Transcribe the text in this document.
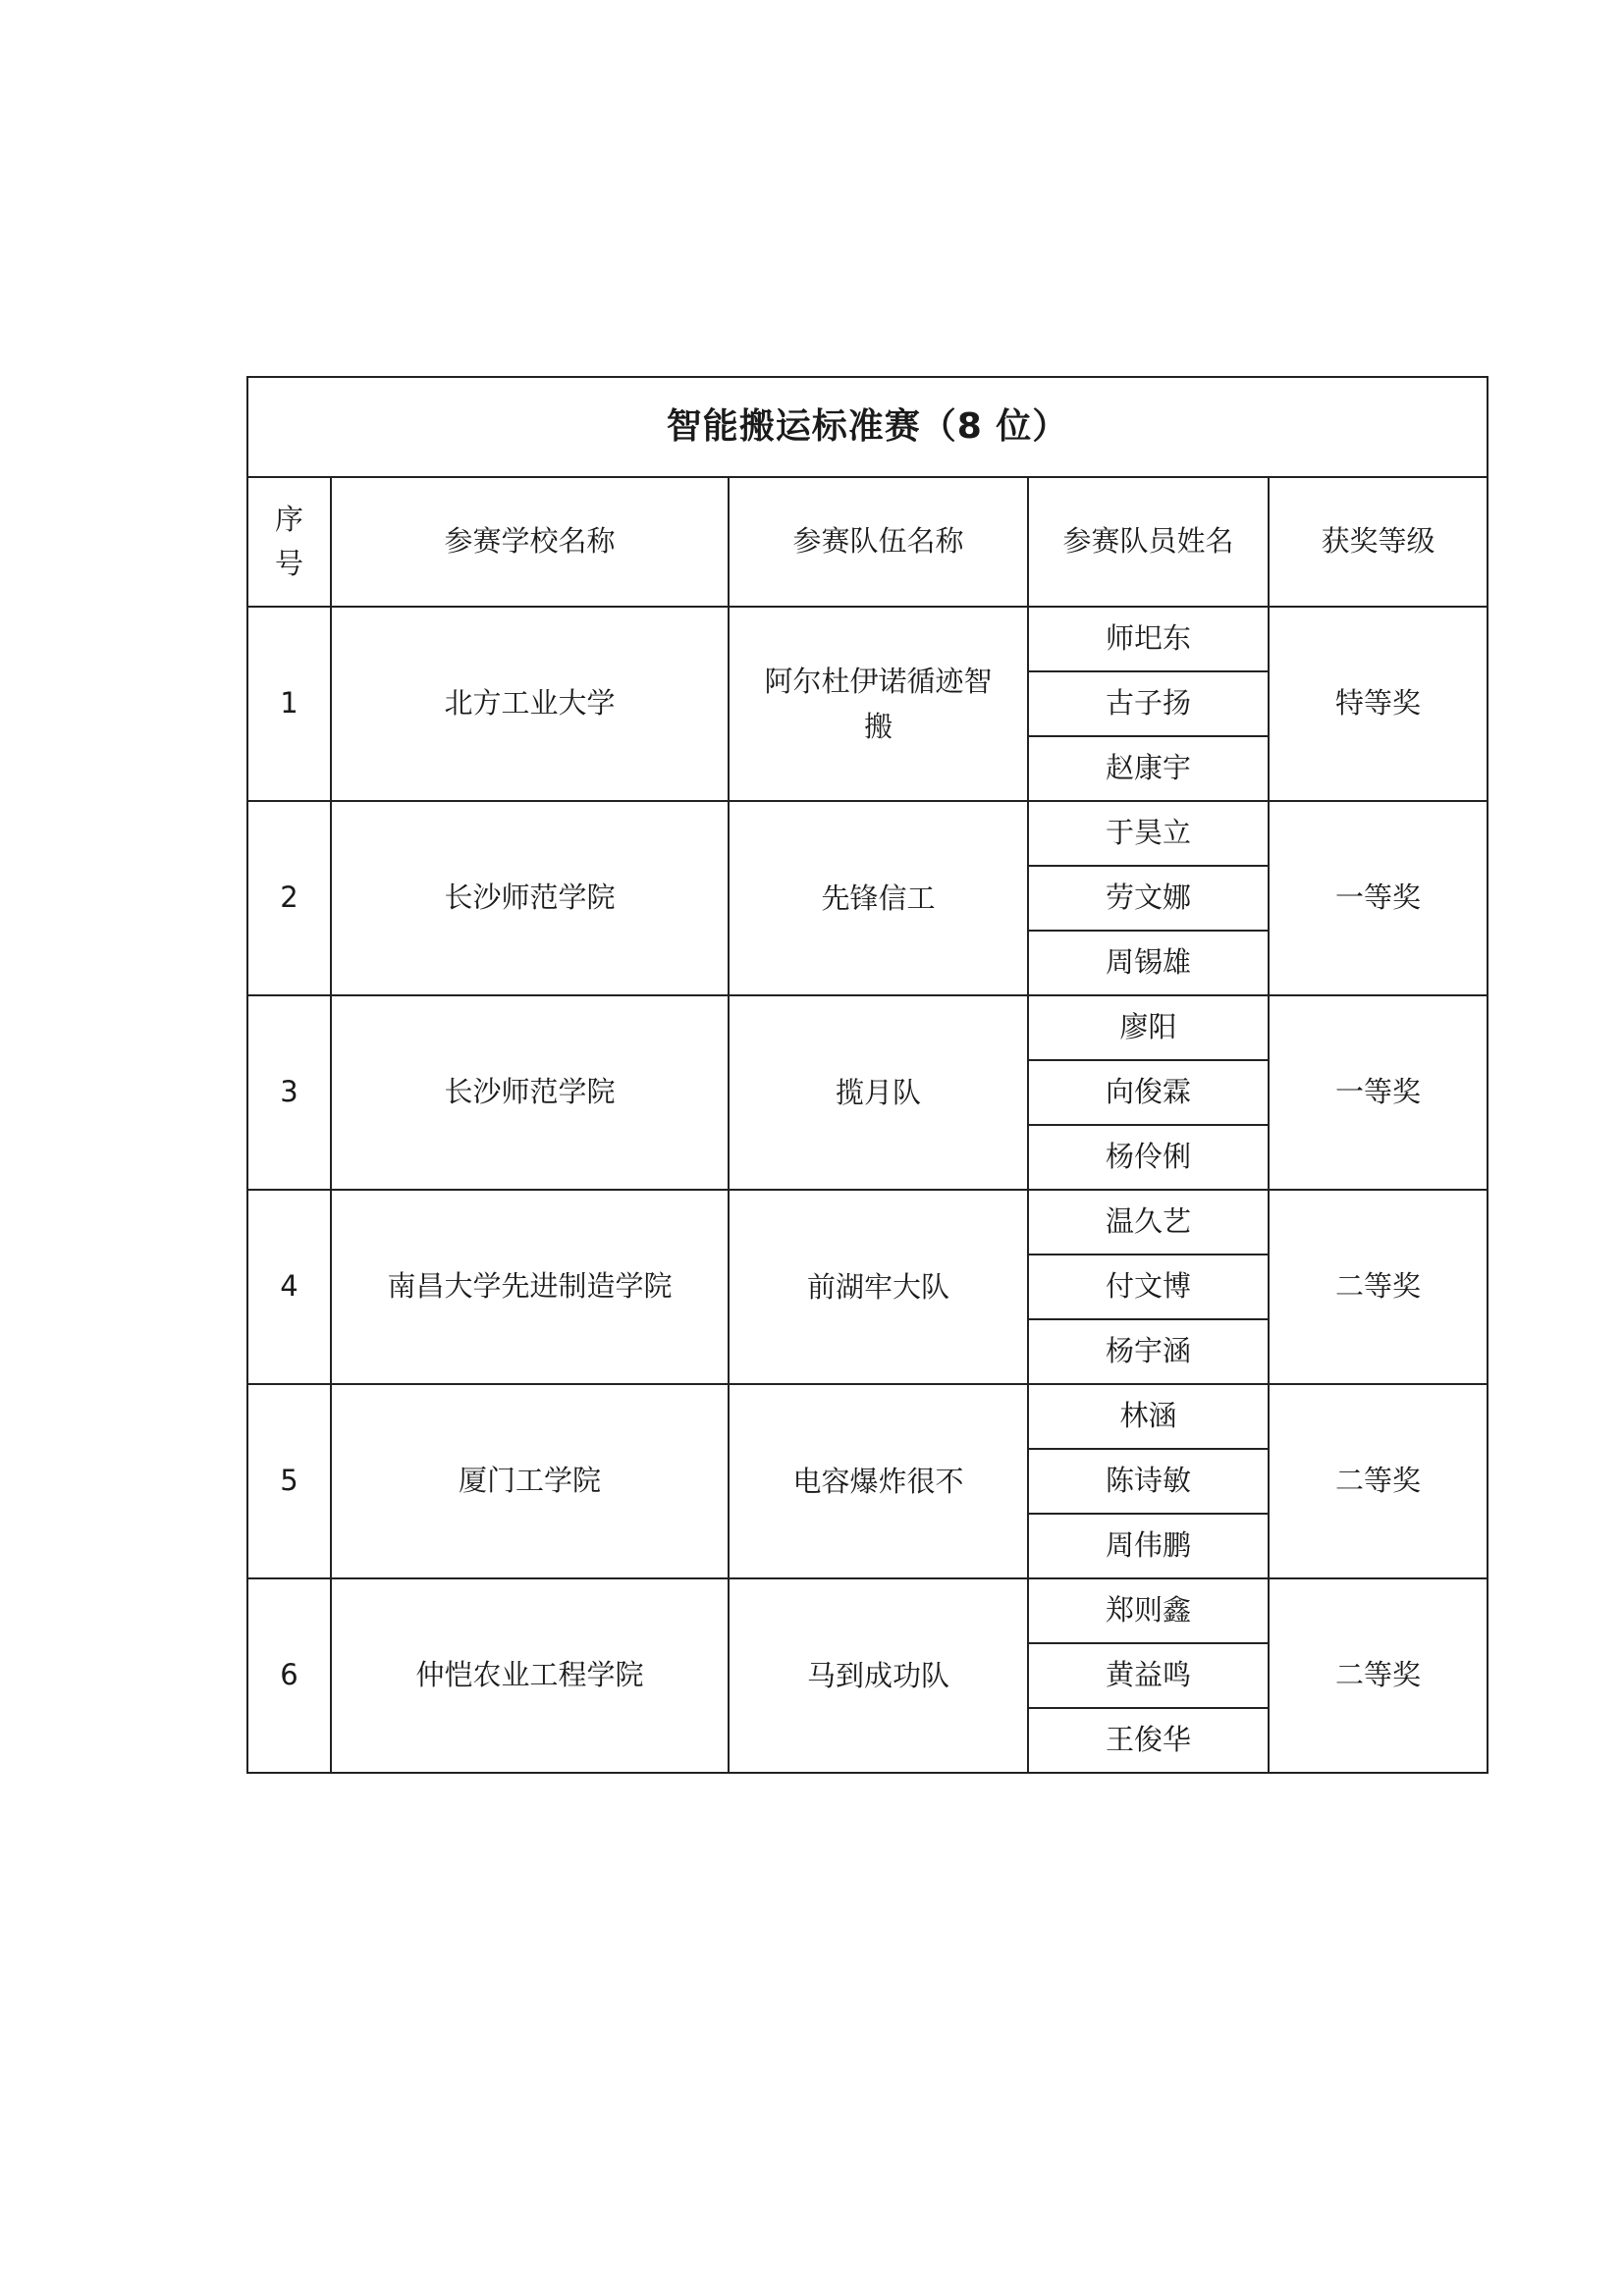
智能搬运标准赛（8 位）				

序
号	参赛学校名称	参赛队伍名称	参赛队员姓名	获奖等级
1	北方工业大学	阿尔杜伊诺循迹智搬	师圯东	特等奖
			古子扬	
			赵康宇	
2	长沙师范学院	先锋信工	于昊立	一等奖
			劳文娜	
			周锡雄	
3	长沙师范学院	揽月队	廖阳	一等奖
			向俊霖	
			杨伶俐	
4	南昌大学先进制造学院	前湖牢大队	温久艺	二等奖
			付文博	
			杨宇涵	
5	厦门工学院	电容爆炸很不	林涵	二等奖
			陈诗敏	
			周伟鹏	
6	仲恺农业工程学院	马到成功队	郑则鑫	二等奖
			黄益鸣	
			王俊华	
